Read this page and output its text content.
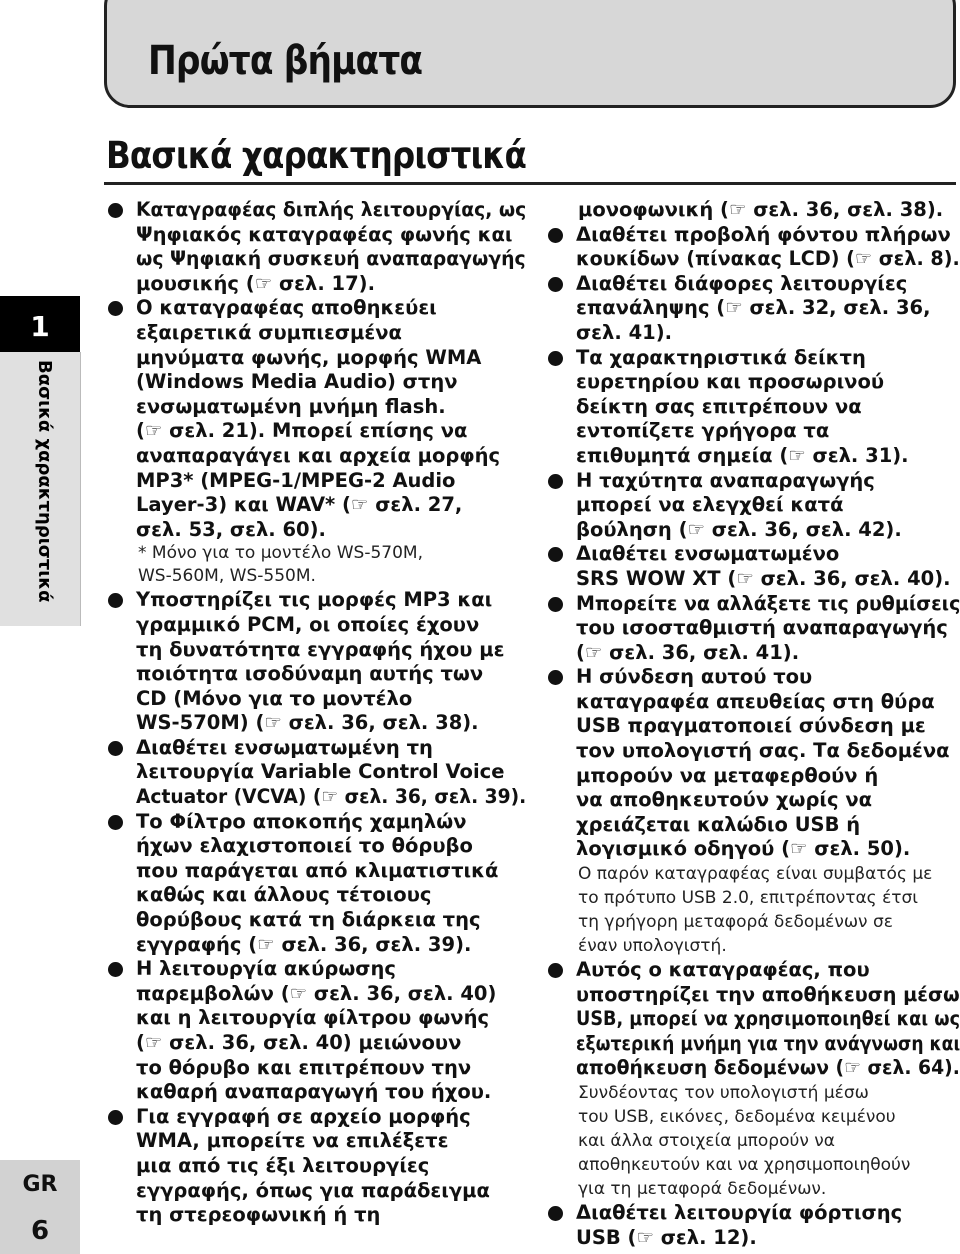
Πρώτα βήματα
Βασικά χαρακτηριστικά
1
Βασικά χαρακτηριστικά
GR
6
Καταγραφέας διπλής λειτουργίας, ως
Ψηφιακός καταγραφέας φωνής και
ως Ψηφιακή συσκευή αναπαραγωγής
μουσικής (☞ σελ. 17).
Ο καταγραφέας αποθηκεύει
εξαιρετικά συμπιεσμένα
μηνύματα φωνής, μορφής WMA
(Windows Media Audio) στην
ενσωματωμένη μνήμη flash.
(☞ σελ. 21). Μπορεί επίσης να
αναπαραγάγει και αρχεία μορφής
MP3* (MPEG-1/MPEG-2 Audio
Layer-3) και WAV* (☞ σελ. 27,
σελ. 53, σελ. 60).
* Μόνο για το μοντέλο WS-570M,
WS-560M, WS-550M.
Υποστηρίζει τις μορφές MP3 και
γραμμικό PCM, οι οποίες έχουν
τη δυνατότητα εγγραφής ήχου με
ποιότητα ισοδύναμη αυτής των
CD (Μόνο για το μοντέλο
WS-570M) (☞ σελ. 36, σελ. 38).
Διαθέτει ενσωματωμένη τη
λειτουργία Variable Control Voice
Actuator (VCVA) (☞ σελ. 36, σελ. 39).
Το Φίλτρο αποκοπής χαμηλών
ήχων ελαχιστοποιεί το θόρυβο
που παράγεται από κλιματιστικά
καθώς και άλλους τέτοιους
θορύβους κατά τη διάρκεια της
εγγραφής (☞ σελ. 36, σελ. 39).
Η λειτουργία ακύρωσης
παρεμβολών (☞ σελ. 36, σελ. 40)
και η λειτουργία φίλτρου φωνής
(☞ σελ. 36, σελ. 40) μειώνουν
το θόρυβο και επιτρέπουν την
καθαρή αναπαραγωγή του ήχου.
Για εγγραφή σε αρχείο μορφής
WMA, μπορείτε να επιλέξετε
μια από τις έξι λειτουργίες
εγγραφής, όπως για παράδειγμα
τη στερεοφωνική ή τη
μονοφωνική (☞ σελ. 36, σελ. 38).
Διαθέτει προβολή φόντου πλήρων
κουκίδων (πίνακας LCD) (☞ σελ. 8).
Διαθέτει διάφορες λειτουργίες
επανάληψης (☞ σελ. 32, σελ. 36,
σελ. 41).
Τα χαρακτηριστικά δείκτη
ευρετηρίου και προσωρινού
δείκτη σας επιτρέπουν να
εντοπίζετε γρήγορα τα
επιθυμητά σημεία (☞ σελ. 31).
Η ταχύτητα αναπαραγωγής
μπορεί να ελεγχθεί κατά
βούληση (☞ σελ. 36, σελ. 42).
Διαθέτει ενσωματωμένο
SRS WOW XT (☞ σελ. 36, σελ. 40).
Μπορείτε να αλλάξετε τις ρυθμίσεις
του ισοσταθμιστή αναπαραγωγής
(☞ σελ. 36, σελ. 41).
Η σύνδεση αυτού του
καταγραφέα απευθείας στη θύρα
USB πραγματοποιεί σύνδεση με
τον υπολογιστή σας. Τα δεδομένα
μπορούν να μεταφερθούν ή
να αποθηκευτούν χωρίς να
χρειάζεται καλώδιο USB ή
λογισμικό οδηγού (☞ σελ. 50).
Ο παρόν καταγραφέας είναι συμβατός με
το πρότυπο USB 2.0, επιτρέποντας έτσι
τη γρήγορη μεταφορά δεδομένων σε
έναν υπολογιστή.
Αυτός ο καταγραφέας, που
υποστηρίζει την αποθήκευση μέσω
USB, μπορεί να χρησιμοποιηθεί και ως
εξωτερική μνήμη για την ανάγνωση και
αποθήκευση δεδομένων (☞ σελ. 64).
Συνδέοντας τον υπολογιστή μέσω
του USB, εικόνες, δεδομένα κειμένου
και άλλα στοιχεία μπορούν να
αποθηκευτούν και να χρησιμοποιηθούν
για τη μεταφορά δεδομένων.
Διαθέτει λειτουργία φόρτισης
USB (☞ σελ. 12).
